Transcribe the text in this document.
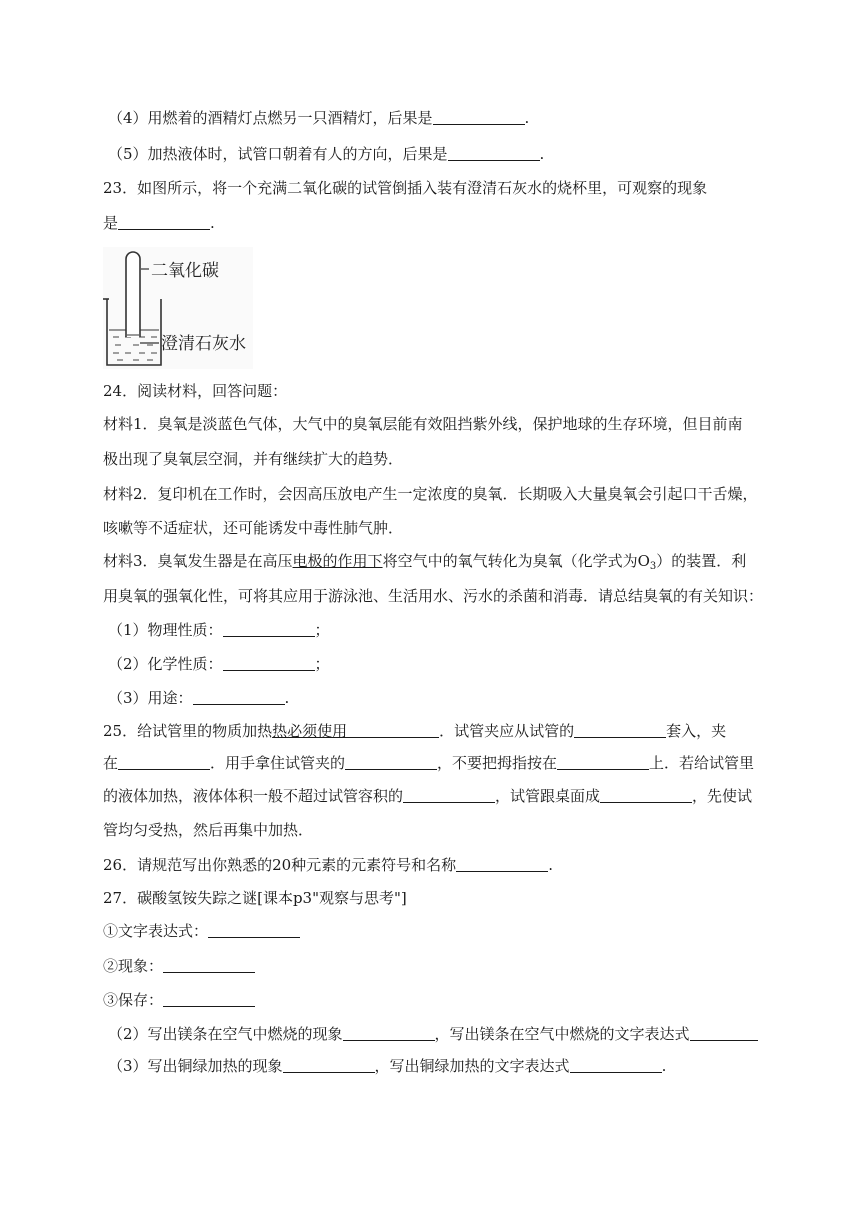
（4）用燃着的酒精灯点燃另一只酒精灯，后果是	.
（5）加热液体时，试管口朝着有人的方向，后果是	.
23．如图所示，将一个充满二氧化碳的试管倒插入装有澄清石灰水的烧杯里，可观察的现象
是	.
二氧化碳
澄清石灰水
24．阅读材料，回答问题：
材料1．臭氧是淡蓝色气体，大气中的臭氧层能有效阻挡紫外线，保护地球的生存环境，但目前南
极出现了臭氧层空洞，并有继续扩大的趋势．
材料2．复印机在工作时，会因高压放电产生一定浓度的臭氧．长期吸入大量臭氧会引起口干舌燥，
咳嗽等不适症状，还可能诱发中毒性肺气肿．
材料3．臭氧发生器是在高压电极的作用下将空气中的氧气转化为臭氧（化学式为$O_3$）的装置．利
用臭氧的强氧化性，可将其应用于游泳池、生活用水、污水的杀菌和消毒．请总结臭氧的有关知识：
（1）物理性质：	；
（2）化学性质：	；
（3）用途：	.
25．给试管里的物质加热热必须使用	．试管夹应从试管的	套入，夹
在	．用手拿住试管夹的	，不要把拇指按在	上．若给试管里
的液体加热，液体体积一般不超过试管容积的	，试管跟桌面成	，先使试
管均匀受热，然后再集中加热．
26．请规范写出你熟悉的20种元素的元素符号和名称	.
27．碳酸氢铵失踪之谜[课本p3"观察与思考"]
①文字表达式：
②现象：
③保存：
（2）写出镁条在空气中燃烧的现象	，写出镁条在空气中燃烧的文字表达式
（3）写出铜绿加热的现象	，写出铜绿加热的文字表达式	.
